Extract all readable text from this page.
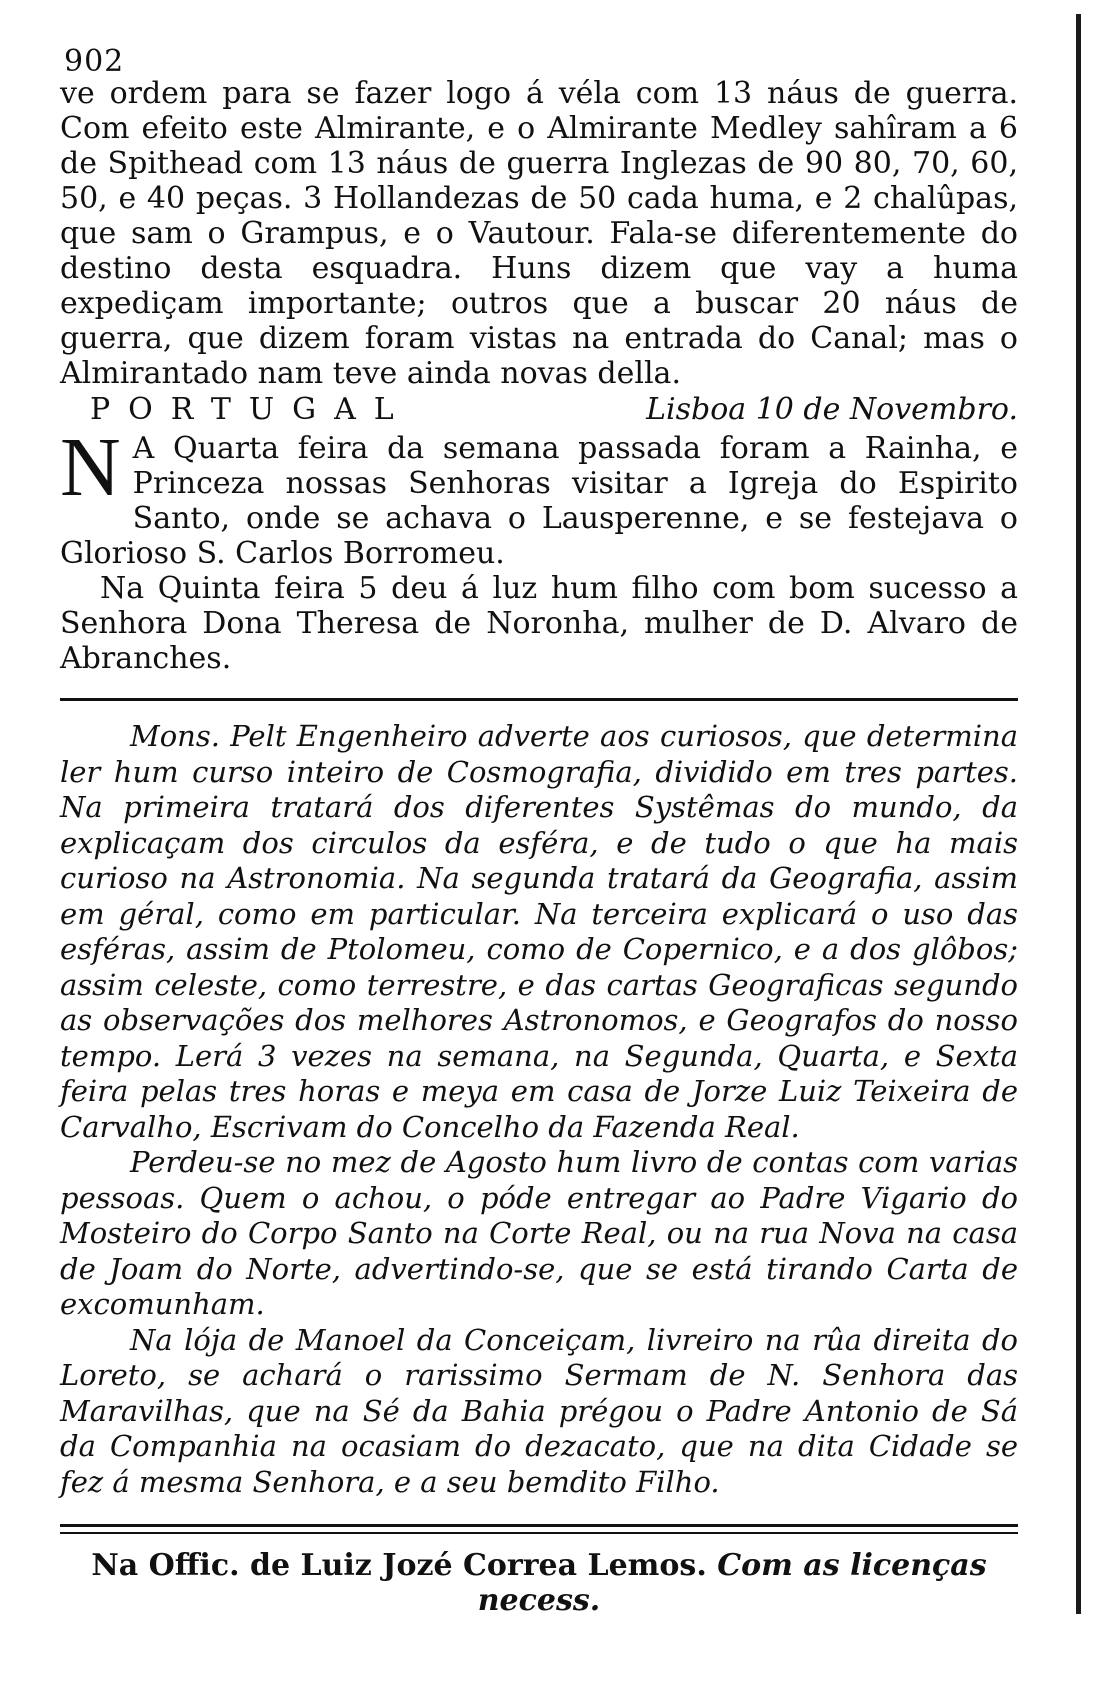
902

ve ordem para se fazer logo á véla com 13 náus de guerra. Com efeito este Almirante, e o Almirante Medley sahîram a 6 de Spithead com 13 náus de guerra Inglezas de 90 80, 70, 60, 50, e 40 peças. 3 Hollandezas de 50 cada huma, e 2 chalûpas, que sam o Grampus, e o Vautour. Fala-se diferentemente do destino desta esquadra. Huns dizem que vay a huma expediçam importante; outros que a buscar 20 náus de guerra, que dizem foram vistas na entrada do Canal; mas o Almirantado nam teve ainda novas della.

PORTUGAL	Lisboa 10 de Novembro.

N A Quarta feira da semana passada foram a Rainha, e Princeza nossas Senhoras visitar a Igreja do Espirito Santo, onde se achava o Lausperenne, e se festejava o Glorioso S. Carlos Borromeu.

Na Quinta feira 5 deu á luz hum filho com bom sucesso a Senhora Dona Theresa de Noronha, mulher de D. Alvaro de Abranches.

Mons. Pelt Engenheiro adverte aos curiosos, que determina ler hum curso inteiro de Cosmografia, dividido em tres partes. Na primeira tratará dos diferentes Systêmas do mundo, da explicaçam dos circulos da esféra, e de tudo o que ha mais curioso na Astronomia. Na segunda tratará da Geografia, assim em géral, como em particular. Na terceira explicará o uso das esféras, assim de Ptolomeu, como de Copernico, e a dos glôbos; assim celeste, como terrestre, e das cartas Geograficas segundo as observações dos melhores Astronomos, e Geografos do nosso tempo. Lerá 3 vezes na semana, na Segunda, Quarta, e Sexta feira pelas tres horas e meya em casa de Jorze Luiz Teixeira de Carvalho, Escrivam do Concelho da Fazenda Real.

Perdeu-se no mez de Agosto hum livro de contas com varias pessoas. Quem o achou, o póde entregar ao Padre Vigario do Mosteiro do Corpo Santo na Corte Real, ou na rua Nova na casa de Joam do Norte, advertindo-se, que se está tirando Carta de excomunham.

Na lója de Manoel da Conceiçam, livreiro na rûa direita do Loreto, se achará o rarissimo Sermam de N. Senhora das Maravilhas, que na Sé da Bahia prégou o Padre Antonio de Sá da Companhia na ocasiam do dezacato, que na dita Cidade se fez á mesma Senhora, e a seu bemdito Filho.

Na Offic. de Luiz Jozé Correa Lemos. Com as licenças necess.
